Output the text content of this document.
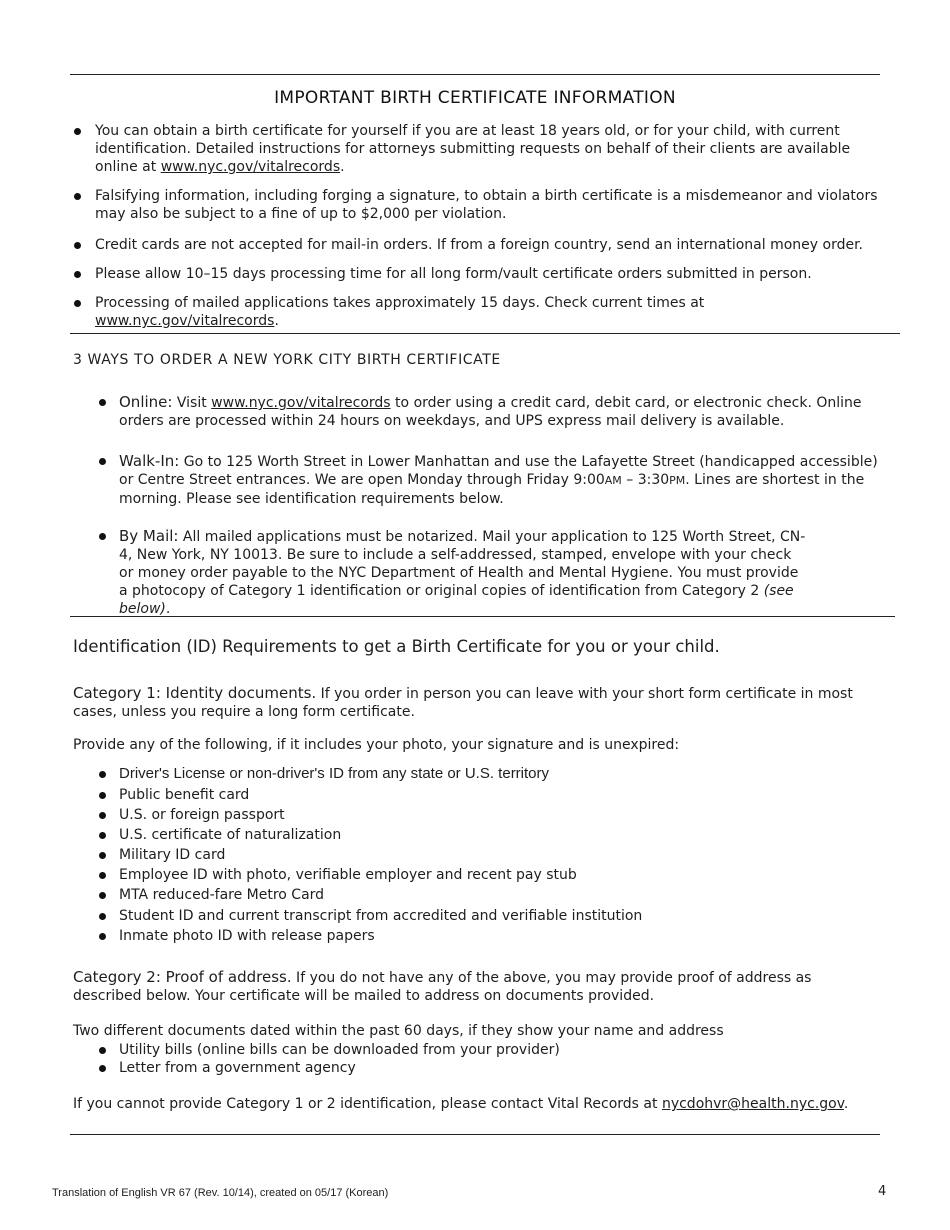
IMPORTANT BIRTH CERTIFICATE INFORMATION
You can obtain a birth certificate for yourself if you are at least 18 years old, or for your child, with current identification. Detailed instructions for attorneys submitting requests on behalf of their clients are available online at www.nyc.gov/vitalrecords.
Falsifying information, including forging a signature, to obtain a birth certificate is a misdemeanor and violators may also be subject to a fine of up to $2,000 per violation.
Credit cards are not accepted for mail-in orders. If from a foreign country, send an international money order.
Please allow 10–15 days processing time for all long form/vault certificate orders submitted in person.
Processing of mailed applications takes approximately 15 days. Check current times at www.nyc.gov/vitalrecords.
3 WAYS TO ORDER A NEW YORK CITY BIRTH CERTIFICATE
Online: Visit www.nyc.gov/vitalrecords to order using a credit card, debit card, or electronic check. Online orders are processed within 24 hours on weekdays, and UPS express mail delivery is available.
Walk-In: Go to 125 Worth Street in Lower Manhattan and use the Lafayette Street (handicapped accessible) or Centre Street entrances. We are open Monday through Friday 9:00AM – 3:30PM. Lines are shortest in the morning. Please see identification requirements below.
By Mail: All mailed applications must be notarized. Mail your application to 125 Worth Street, CN-4, New York, NY 10013. Be sure to include a self-addressed, stamped, envelope with your check or money order payable to the NYC Department of Health and Mental Hygiene. You must provide a photocopy of Category 1 identification or original copies of identification from Category 2 (see below).
Identification (ID) Requirements to get a Birth Certificate for you or your child.
Category 1: Identity documents. If you order in person you can leave with your short form certificate in most cases, unless you require a long form certificate.
Provide any of the following, if it includes your photo, your signature and is unexpired:
Driver's License or non-driver's ID from any state or U.S. territory
Public benefit card
U.S. or foreign passport
U.S. certificate of naturalization
Military ID card
Employee ID with photo, verifiable employer and recent pay stub
MTA reduced-fare Metro Card
Student ID and current transcript from accredited and verifiable institution
Inmate photo ID with release papers
Category 2: Proof of address. If you do not have any of the above, you may provide proof of address as described below. Your certificate will be mailed to address on documents provided.
Two different documents dated within the past 60 days, if they show your name and address
Utility bills (online bills can be downloaded from your provider)
Letter from a government agency
If you cannot provide Category 1 or 2 identification, please contact Vital Records at nycdohvr@health.nyc.gov.
Translation of English VR 67 (Rev. 10/14), created on 05/17 (Korean)	4
